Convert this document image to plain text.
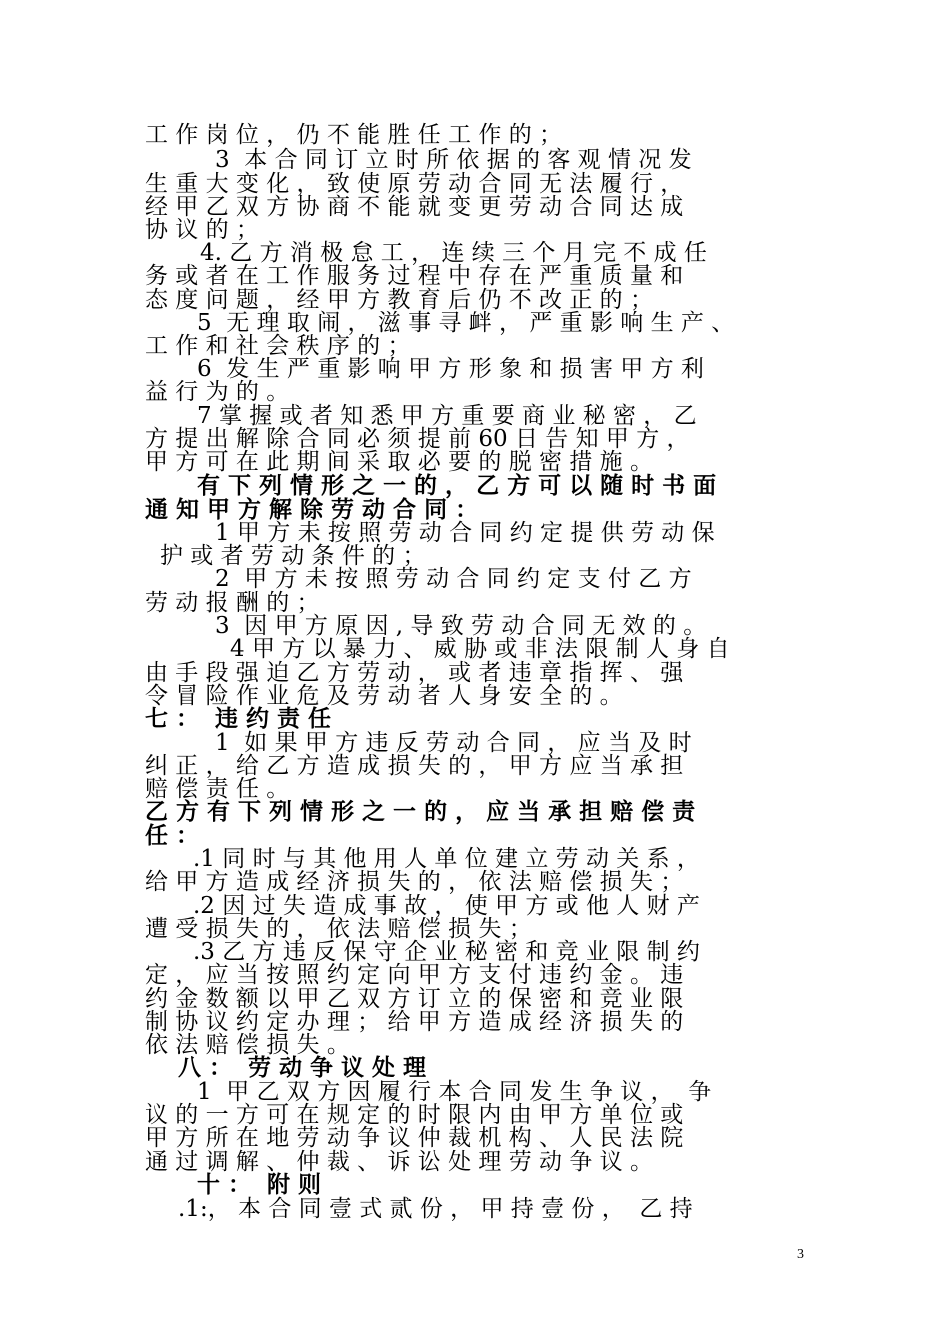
工 作 岗 位 ， 仍 不 能 胜 任 工 作 的 ；
3  本 合 同 订 立 时 所 依 据 的 客 观 情 况 发
生 重 大 变 化 ， 致 使 原 劳 动 合 同 无 法 履 行 ，
经 甲 乙 双 方 协 商 不 能 就 变 更 劳 动 合 同 达 成
协 议 的 ；
4. 乙 方 消 极 怠 工 ， 连 续 三 个 月 完 不 成 任
务 或 者 在 工 作 服 务 过 程 中 存 在 严 重 质 量 和
态 度 问 题 ， 经 甲 方 教 育 后 仍 不 改 正 的 ；
5  无 理 取 闹 ， 滋 事 寻 衅 ， 严 重 影 响 生 产 、
工 作 和 社 会 秩 序 的 ；
6  发 生 严 重 影 响 甲 方 形 象 和 损 害 甲 方 利
益 行 为 的 。
7 掌 握 或 者 知 悉 甲 方 重 要 商 业 秘 密 ， 乙
方 提 出 解 除 合 同 必 须 提 前 60 日 告 知 甲 方 ，
甲 方 可 在 此 期 间 采 取 必 要 的 脱 密 措 施 。
有 下 列 情 形 之 一 的 ， 乙 方 可 以 随 时 书 面
通 知 甲 方 解 除 劳 动 合 同 ：
1 甲 方 未 按 照 劳 动 合 同 约 定 提 供 劳 动 保
护 或 者 劳 动 条 件 的 ；
2  甲 方 未 按 照 劳 动 合 同 约 定 支 付 乙 方
劳 动 报 酬 的 ；
3  因 甲 方 原 因 , 导 致 劳 动 合 同 无 效 的 。
4 甲 方 以 暴 力 、 威 胁 或 非 法 限 制 人 身 自
由 手 段 强 迫 乙 方 劳 动 ， 或 者 违 章 指 挥 、 强
令 冒 险 作 业 危 及 劳 动 者 人 身 安 全 的 。
七 ：  违 约 责 任
1  如 果 甲 方 违 反 劳 动 合 同 ， 应 当 及 时
纠 正 ， 给 乙 方 造 成 损 失 的 ， 甲 方 应 当 承 担
赔 偿 责 任 。
乙 方 有 下 列 情 形 之 一 的 ， 应 当 承 担 赔 偿 责
任 ：
.1 同 时 与 其 他 用 人 单 位 建 立 劳 动 关 系 ，
给 甲 方 造 成 经 济 损 失 的 ， 依 法 赔 偿 损 失 ；
.2 因 过 失 造 成 事 故 ， 使 甲 方 或 他 人 财 产
遭 受 损 失 的 ， 依 法 赔 偿 损 失 ；
.3 乙 方 违 反 保 守 企 业 秘 密 和 竞 业 限 制 约
定 ， 应 当 按 照 约 定 向 甲 方 支 付 违 约 金 。 违
约 金 数 额 以 甲 乙 双 方 订 立 的 保 密 和 竞 业 限
制 协 议 约 定 办 理 ； 给 甲 方 造 成 经 济 损 失 的
依 法 赔 偿 损 失 。
八 ：  劳 动 争 议 处 理
1  甲 乙 双 方 因 履 行 本 合 同 发 生 争 议 ，  争
议 的 一 方 可 在 规 定 的 时 限 内 由 甲 方 单 位 或
甲 方 所 在 地 劳 动 争 议 仲 裁 机 构 、 人 民 法 院
通 过 调 解 、 仲 裁 、 诉 讼 处 理 劳 动 争 议 。
十 ：  附 则
.1:， 本 合 同 壹 式 贰 份 ， 甲 持 壹 份 ，  乙 持
3
